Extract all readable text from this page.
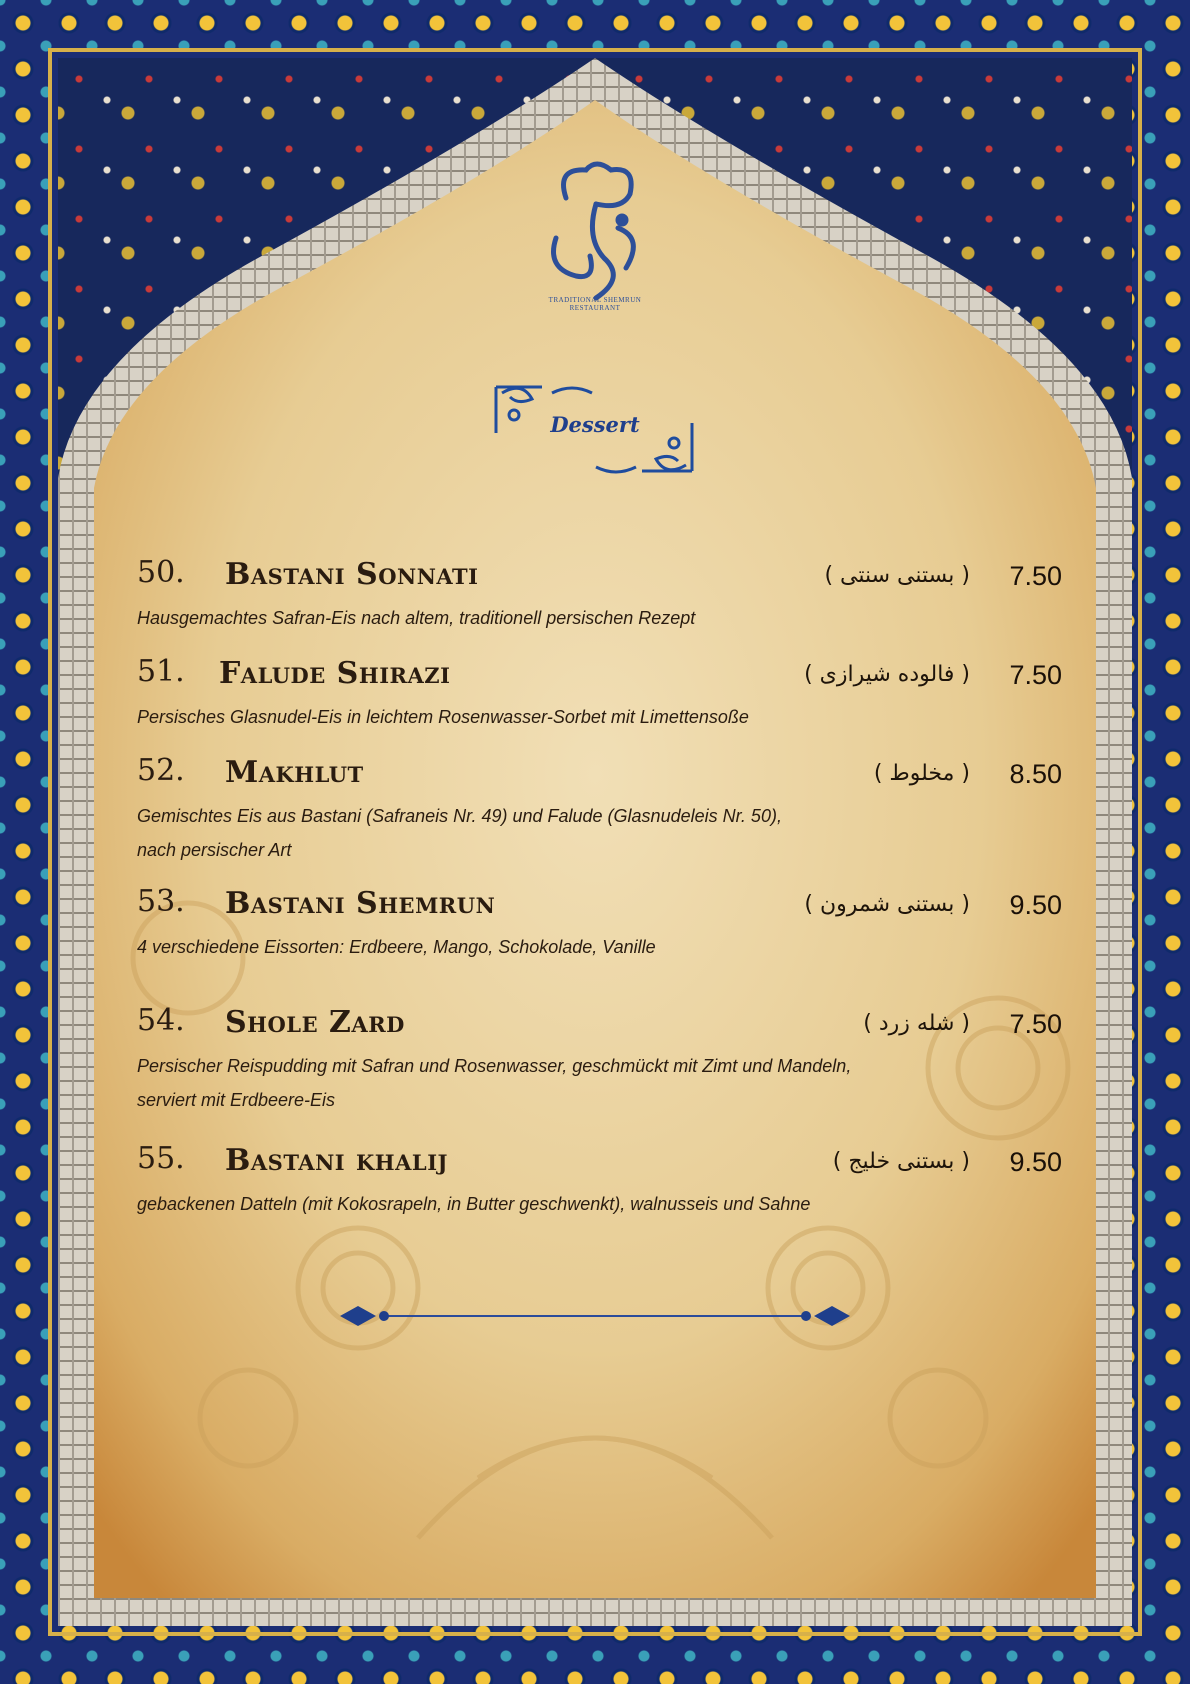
TRADITIONAL SHEMRUN
RESTAURANT
Dessert
50. Bastani Sonnati	( بستنی سنتی ) 7.50
Hausgemachtes Safran-Eis nach altem, traditionell persischen Rezept
51. Falude Shirazi	( فالوده شیرازی ) 7.50
Persisches Glasnudel-Eis in leichtem Rosenwasser-Sorbet mit Limettensoße
52. Makhlut	( مخلوط ) 8.50
Gemischtes Eis aus Bastani (Safraneis Nr. 49) und Falude (Glasnudeleis Nr. 50),
nach persischer Art
53. Bastani Shemrun	( بستنی شمرون ) 9.50
4 verschiedene Eissorten: Erdbeere, Mango, Schokolade, Vanille
54. Shole Zard	( شله زرد ) 7.50
Persischer Reispudding mit Safran und Rosenwasser, geschmückt mit Zimt und Mandeln,
serviert mit Erdbeere-Eis
55. Bastani khalij	( بستنی خلیج ) 9.50
gebackenen Datteln (mit Kokosrapeln, in Butter geschwenkt), walnusseis und Sahne
